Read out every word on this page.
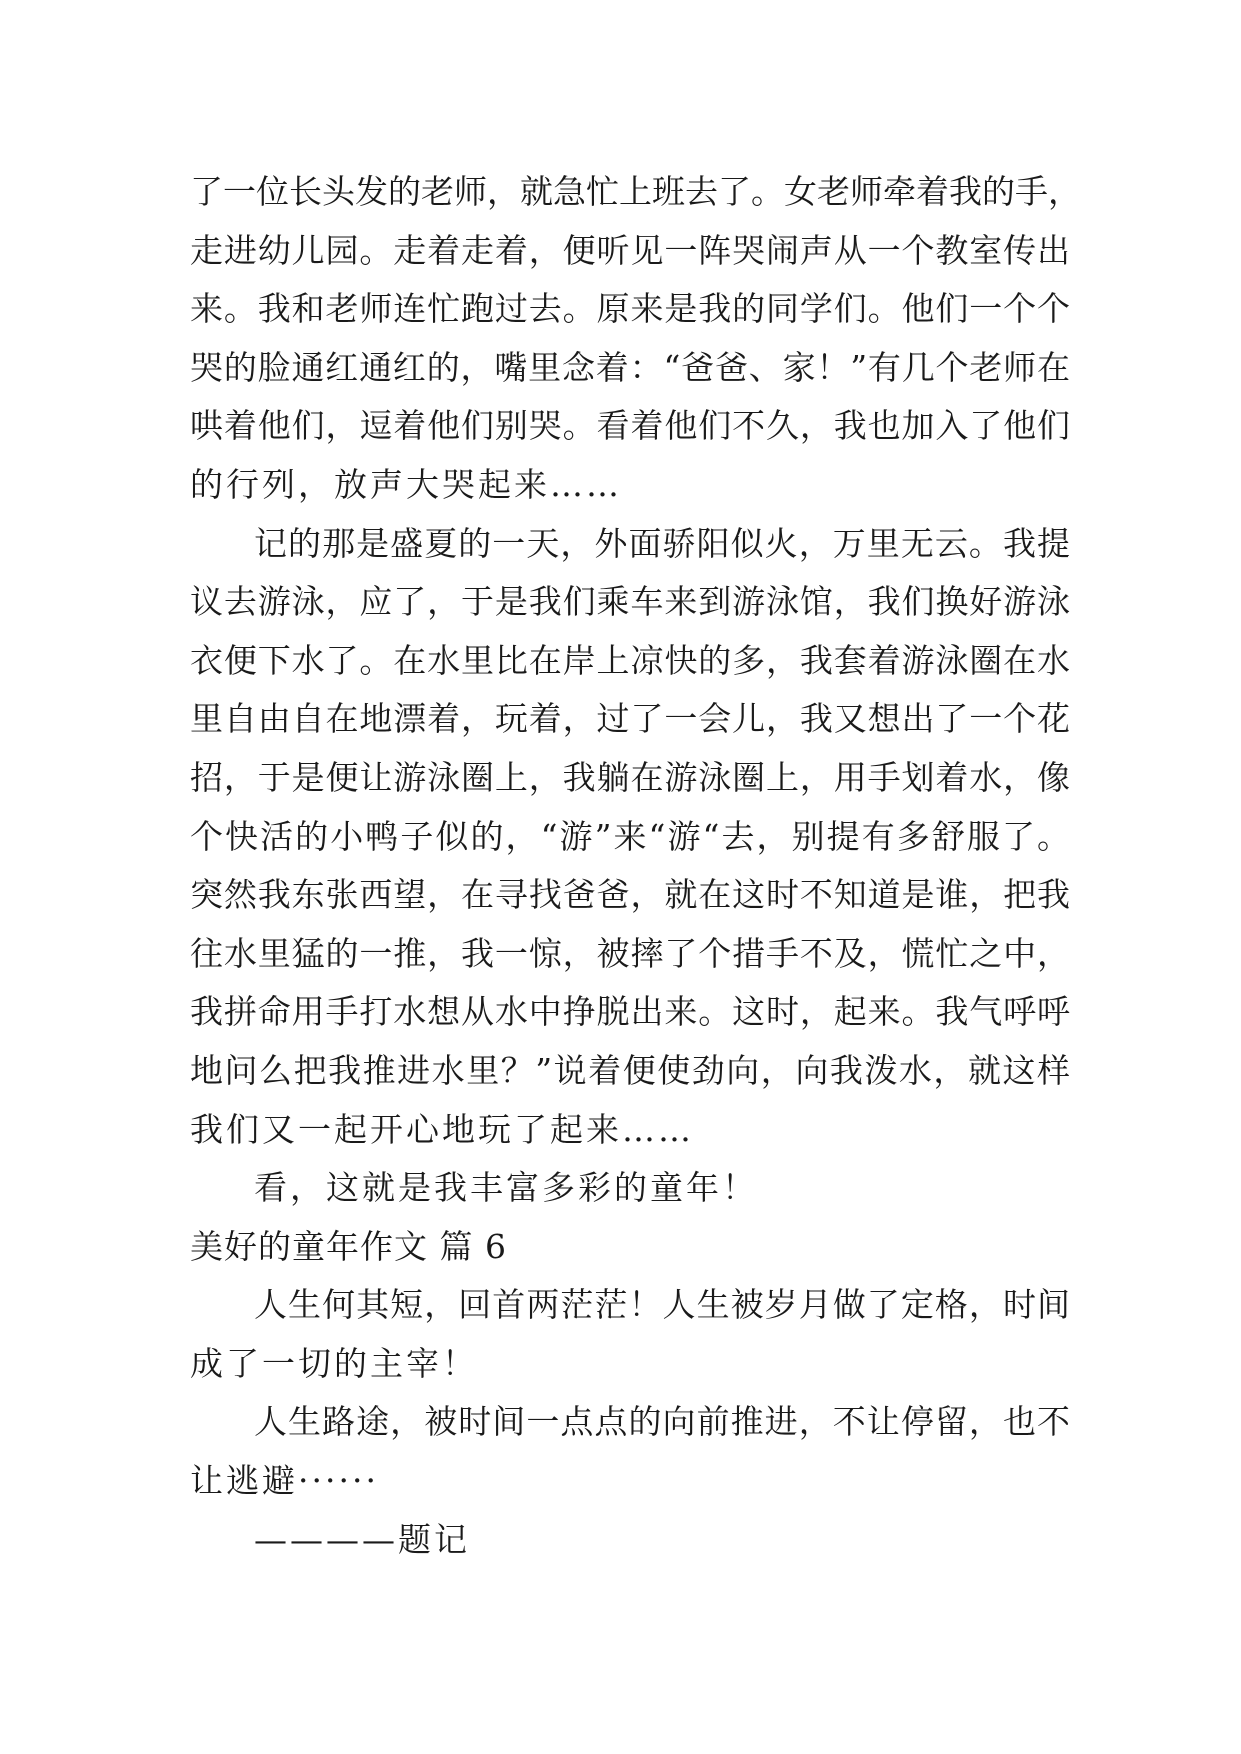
了一位长头发的老师，就急忙上班去了。女老师牵着我的手，
走进幼儿园。走着走着，便听见一阵哭闹声从一个教室传出
来。我和老师连忙跑过去。原来是我的同学们。他们一个个
哭的脸通红通红的，嘴里念着：“爸爸、家！”有几个老师在
哄着他们，逗着他们别哭。看着他们不久，我也加入了他们
的行列，放声大哭起来……
记的那是盛夏的一天，外面骄阳似火，万里无云。我提
议去游泳，应了，于是我们乘车来到游泳馆，我们换好游泳
衣便下水了。在水里比在岸上凉快的多，我套着游泳圈在水
里自由自在地漂着，玩着，过了一会儿，我又想出了一个花
招，于是便让游泳圈上，我躺在游泳圈上，用手划着水，像
个快活的小鸭子似的，“游”来“游“去，别提有多舒服了。
突然我东张西望，在寻找爸爸，就在这时不知道是谁，把我
往水里猛的一推，我一惊，被摔了个措手不及，慌忙之中，
我拼命用手打水想从水中挣脱出来。这时，起来。我气呼呼
地问么把我推进水里？”说着便使劲向，向我泼水，就这样
我们又一起开心地玩了起来……
看，这就是我丰富多彩的童年！
美好的童年作文 篇 6
人生何其短，回首两茫茫！人生被岁月做了定格，时间
成了一切的主宰！
人生路途，被时间一点点的向前推进，不让停留，也不
让逃避······
————题记
